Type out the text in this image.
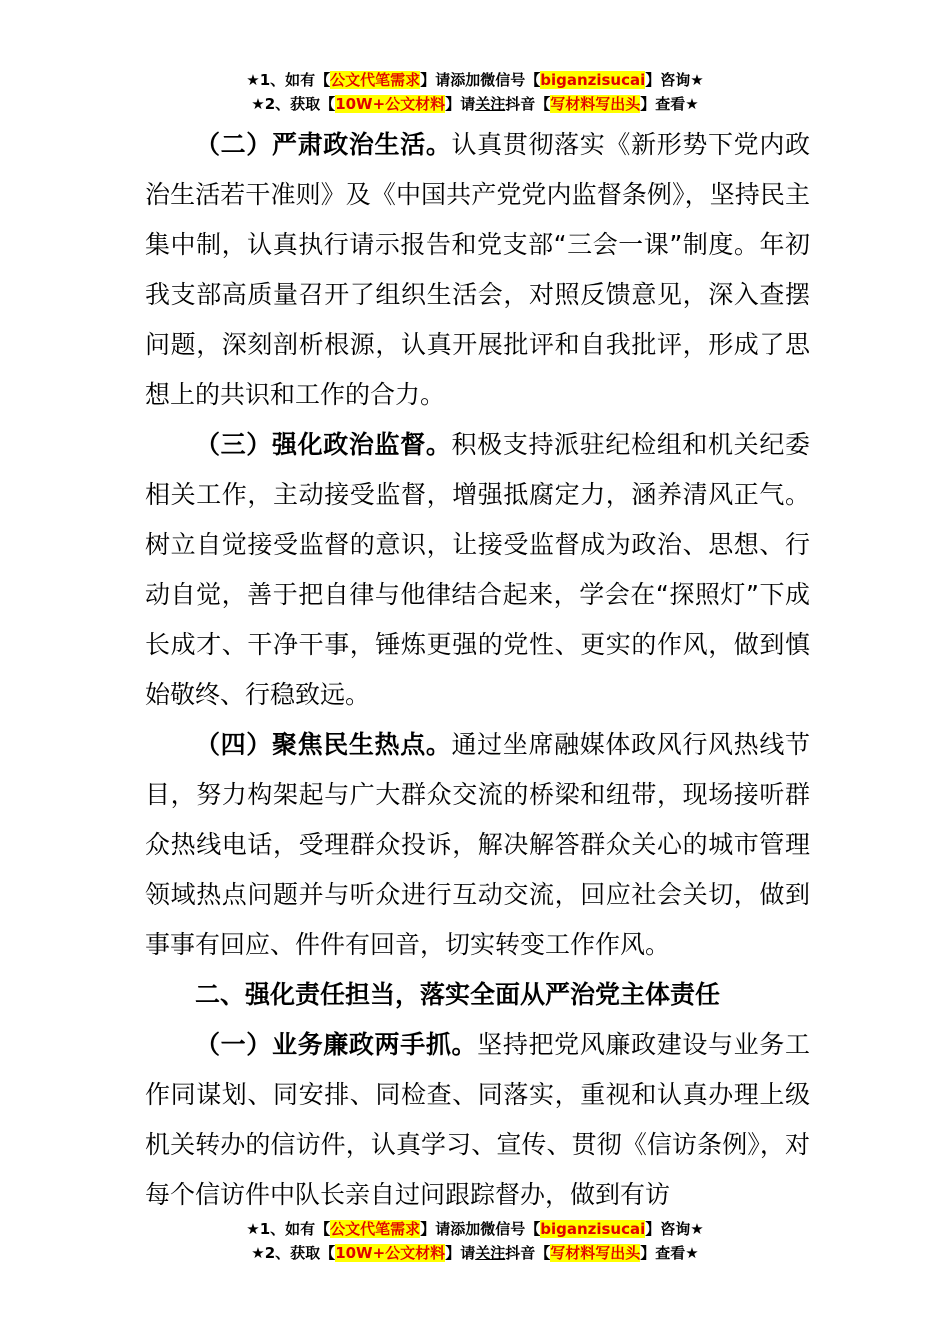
★1、如有【公文代笔需求】请添加微信号【biganzisucai】咨询★
★2、获取【10W+公文材料】请关注抖音【写材料写出头】查看★

（二）严肃政治生活。认真贯彻落实《新形势下党内政治生活若干准则》及《中国共产党党内监督条例》，坚持民主集中制，认真执行请示报告和党支部“三会一课”制度。年初我支部高质量召开了组织生活会，对照反馈意见，深入查摆问题，深刻剖析根源，认真开展批评和自我批评，形成了思想上的共识和工作的合力。

（三）强化政治监督。积极支持派驻纪检组和机关纪委相关工作，主动接受监督，增强抵腐定力，涵养清风正气。树立自觉接受监督的意识，让接受监督成为政治、思想、行动自觉，善于把自律与他律结合起来，学会在“探照灯”下成长成才、干净干事，锤炼更强的党性、更实的作风，做到慎始敬终、行稳致远。

（四）聚焦民生热点。通过坐席融媒体政风行风热线节目，努力构架起与广大群众交流的桥梁和纽带，现场接听群众热线电话，受理群众投诉，解决解答群众关心的城市管理领域热点问题并与听众进行互动交流，回应社会关切，做到事事有回应、件件有回音，切实转变工作作风。

二、强化责任担当，落实全面从严治党主体责任

（一）业务廉政两手抓。坚持把党风廉政建设与业务工作同谋划、同安排、同检查、同落实，重视和认真办理上级机关转办的信访件，认真学习、宣传、贯彻《信访条例》，对每个信访件中队长亲自过问跟踪督办，做到有访

★1、如有【公文代笔需求】请添加微信号【biganzisucai】咨询★
★2、获取【10W+公文材料】请关注抖音【写材料写出头】查看★
